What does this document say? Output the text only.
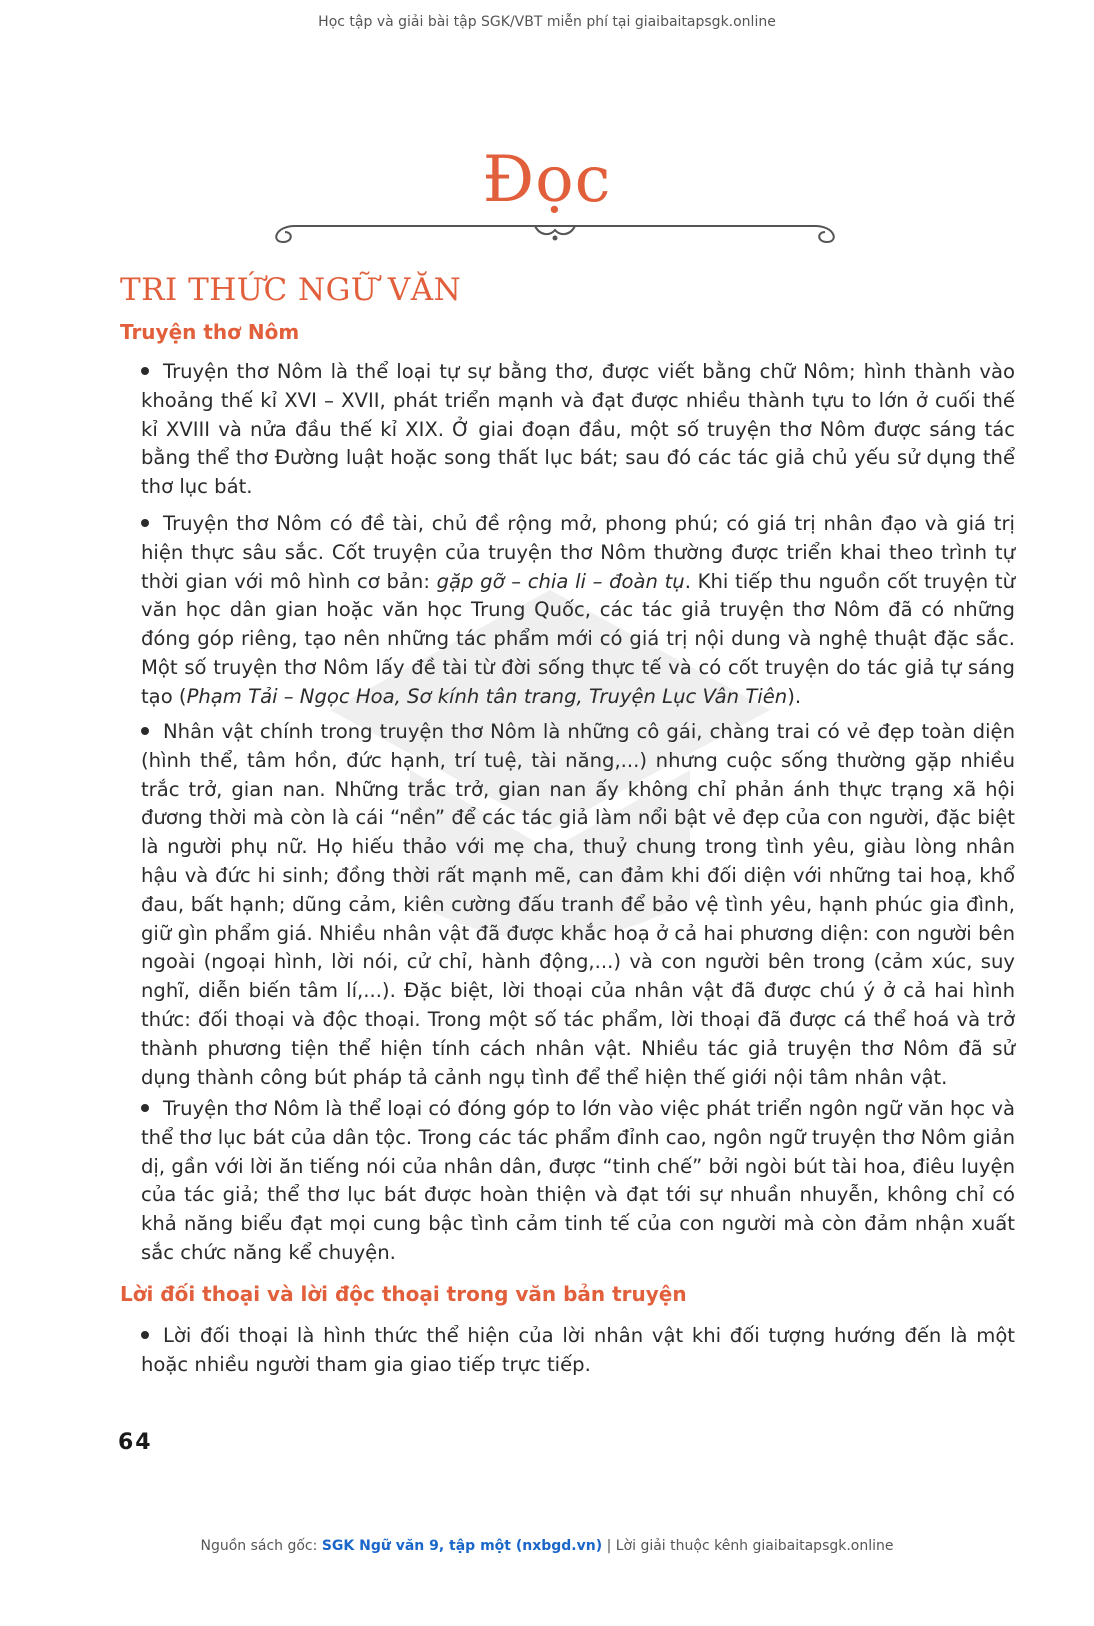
Học tập và giải bài tập SGK/VBT miễn phí tại giaibaitapsgk.online
Đọc
TRI THỨC NGỮ VĂN
Truyện thơ Nôm
Truyện thơ Nôm là thể loại tự sự bằng thơ, được viết bằng chữ Nôm; hình thành vào khoảng thế kỉ XVI – XVII, phát triển mạnh và đạt được nhiều thành tựu to lớn ở cuối thế kỉ XVIII và nửa đầu thế kỉ XIX. Ở giai đoạn đầu, một số truyện thơ Nôm được sáng tác bằng thể thơ Đường luật hoặc song thất lục bát; sau đó các tác giả chủ yếu sử dụng thể thơ lục bát.
Truyện thơ Nôm có đề tài, chủ đề rộng mở, phong phú; có giá trị nhân đạo và giá trị hiện thực sâu sắc. Cốt truyện của truyện thơ Nôm thường được triển khai theo trình tự thời gian với mô hình cơ bản: gặp gỡ – chia li – đoàn tụ. Khi tiếp thu nguồn cốt truyện từ văn học dân gian hoặc văn học Trung Quốc, các tác giả truyện thơ Nôm đã có những đóng góp riêng, tạo nên những tác phẩm mới có giá trị nội dung và nghệ thuật đặc sắc. Một số truyện thơ Nôm lấy đề tài từ đời sống thực tế và có cốt truyện do tác giả tự sáng tạo (Phạm Tải – Ngọc Hoa, Sơ kính tân trang, Truyện Lục Vân Tiên).
Nhân vật chính trong truyện thơ Nôm là những cô gái, chàng trai có vẻ đẹp toàn diện (hình thể, tâm hồn, đức hạnh, trí tuệ, tài năng,...) nhưng cuộc sống thường gặp nhiều trắc trở, gian nan. Những trắc trở, gian nan ấy không chỉ phản ánh thực trạng xã hội đương thời mà còn là cái “nền” để các tác giả làm nổi bật vẻ đẹp của con người, đặc biệt là người phụ nữ. Họ hiếu thảo với mẹ cha, thuỷ chung trong tình yêu, giàu lòng nhân hậu và đức hi sinh; đồng thời rất mạnh mẽ, can đảm khi đối diện với những tai hoạ, khổ đau, bất hạnh; dũng cảm, kiên cường đấu tranh để bảo vệ tình yêu, hạnh phúc gia đình, giữ gìn phẩm giá. Nhiều nhân vật đã được khắc hoạ ở cả hai phương diện: con người bên ngoài (ngoại hình, lời nói, cử chỉ, hành động,...) và con người bên trong (cảm xúc, suy nghĩ, diễn biến tâm lí,...). Đặc biệt, lời thoại của nhân vật đã được chú ý ở cả hai hình thức: đối thoại và độc thoại. Trong một số tác phẩm, lời thoại đã được cá thể hoá và trở thành phương tiện thể hiện tính cách nhân vật. Nhiều tác giả truyện thơ Nôm đã sử dụng thành công bút pháp tả cảnh ngụ tình để thể hiện thế giới nội tâm nhân vật.
Truyện thơ Nôm là thể loại có đóng góp to lớn vào việc phát triển ngôn ngữ văn học và thể thơ lục bát của dân tộc. Trong các tác phẩm đỉnh cao, ngôn ngữ truyện thơ Nôm giản dị, gần với lời ăn tiếng nói của nhân dân, được “tinh chế” bởi ngòi bút tài hoa, điêu luyện của tác giả; thể thơ lục bát được hoàn thiện và đạt tới sự nhuần nhuyễn, không chỉ có khả năng biểu đạt mọi cung bậc tình cảm tinh tế của con người mà còn đảm nhận xuất sắc chức năng kể chuyện.
Lời đối thoại và lời độc thoại trong văn bản truyện
Lời đối thoại là hình thức thể hiện của lời nhân vật khi đối tượng hướng đến là một hoặc nhiều người tham gia giao tiếp trực tiếp.
64
Nguồn sách gốc: SGK Ngữ văn 9, tập một (nxbgd.vn) | Lời giải thuộc kênh giaibaitapsgk.online
